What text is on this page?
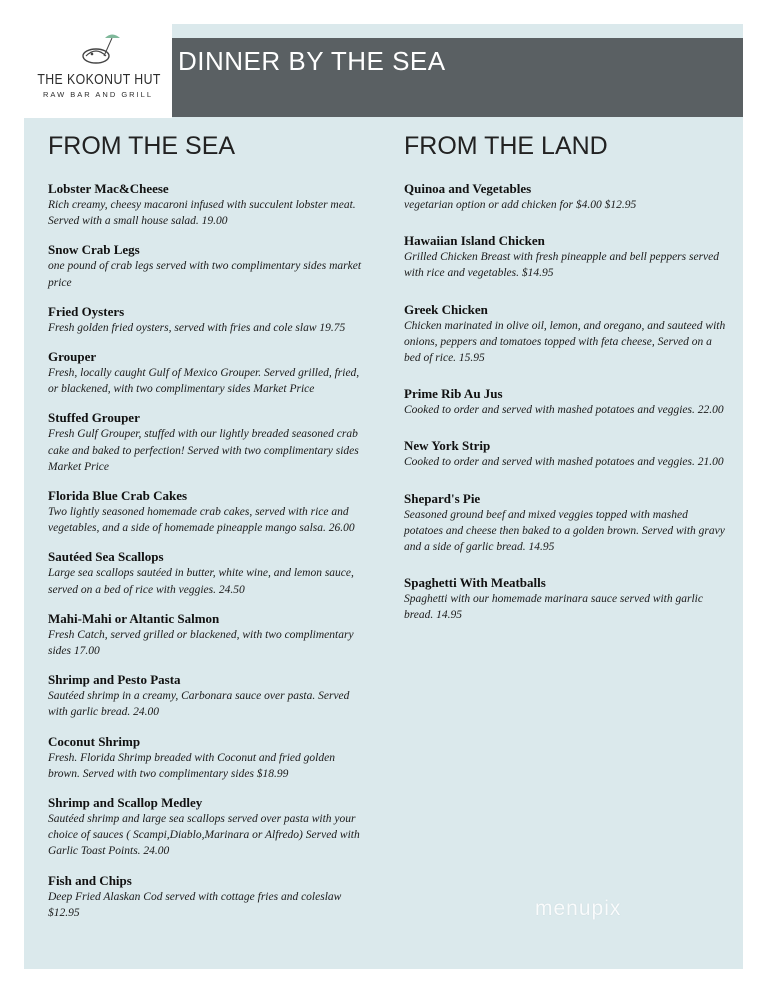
DINNER BY THE SEA
THE KOKONUT HUT
RAW BAR AND GRILL
FROM THE SEA
Lobster Mac&Cheese
Rich creamy, cheesy macaroni infused with succulent lobster meat. Served with a small house salad. 19.00
Snow Crab Legs
one pound of crab legs served with two complimentary sides market price
Fried Oysters
Fresh golden fried oysters, served with fries and cole slaw 19.75
Grouper
Fresh, locally caught Gulf of Mexico Grouper. Served grilled, fried, or blackened, with two complimentary sides Market Price
Stuffed Grouper
Fresh Gulf Grouper, stuffed with our lightly breaded seasoned crab cake and baked to perfection! Served with two complimentary sides Market Price
Florida Blue Crab Cakes
Two lightly seasoned homemade crab cakes, served with rice and vegetables, and a side of homemade pineapple mango salsa. 26.00
Sautéed Sea Scallops
Large sea scallops sautéed in butter, white wine, and lemon sauce, served on a bed of rice with veggies. 24.50
Mahi-Mahi or Altantic Salmon
Fresh Catch, served grilled or blackened, with two complimentary sides 17.00
Shrimp and Pesto Pasta
Sautéed shrimp in a creamy, Carbonara sauce over pasta. Served with garlic bread. 24.00
Coconut Shrimp
Fresh. Florida Shrimp breaded with Coconut and fried golden brown. Served with two complimentary sides $18.99
Shrimp and Scallop Medley
Sautéed shrimp and large sea scallops served over pasta with your choice of sauces ( Scampi,Diablo,Marinara or Alfredo) Served with Garlic Toast Points. 24.00
Fish and Chips
Deep Fried Alaskan Cod served with cottage fries and coleslaw $12.95
FROM THE LAND
Quinoa and Vegetables
vegetarian option or add chicken for $4.00 $12.95
Hawaiian Island Chicken
Grilled Chicken Breast with fresh pineapple and bell peppers served with rice and vegetables. $14.95
Greek Chicken
Chicken marinated in olive oil, lemon, and oregano, and sauteed with onions, peppers and tomatoes topped with feta cheese, Served on a bed of rice. 15.95
Prime Rib Au Jus
Cooked to order and served with mashed potatoes and veggies. 22.00
New York Strip
Cooked to order and served with mashed potatoes and veggies. 21.00
Shepard's Pie
Seasoned ground beef and mixed veggies topped with mashed potatoes and cheese then baked to a golden brown. Served with gravy and a side of garlic bread. 14.95
Spaghetti With Meatballs
Spaghetti with our homemade marinara sauce served with garlic bread. 14.95
menupix
